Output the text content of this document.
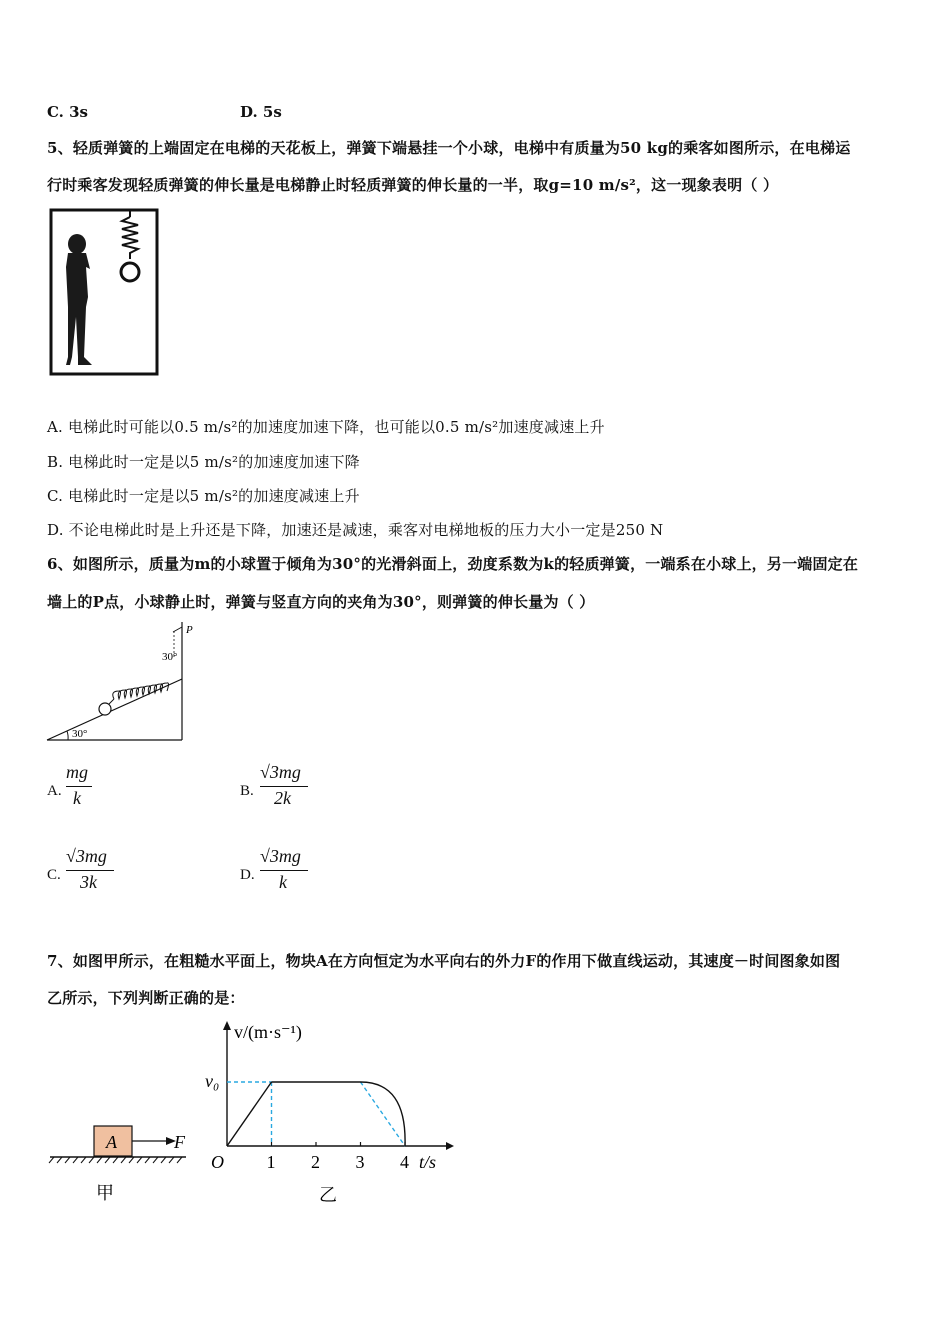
C. 3s	D. 5s
5、轻质弹簧的上端固定在电梯的天花板上，弹簧下端悬挂一个小球，电梯中有质量为50 kg的乘客如图所示，在电梯运
行时乘客发现轻质弹簧的伸长量是电梯静止时轻质弹簧的伸长量的一半，取g=10 m/s²，这一现象表明（ ）
A. 电梯此时可能以0.5 m/s²的加速度加速下降，也可能以0.5 m/s²加速度减速上升
B. 电梯此时一定是以5 m/s²的加速度加速下降
C. 电梯此时一定是以5 m/s²的加速度减速上升
D. 不论电梯此时是上升还是下降，加速还是减速，乘客对电梯地板的压力大小一定是250 N
6、如图所示，质量为m的小球置于倾角为30°的光滑斜面上，劲度系数为k的轻质弹簧，一端系在小球上，另一端固定在
墙上的P点，小球静止时，弹簧与竖直方向的夹角为30°，则弹簧的伸长量为（ ）
30°
P
30°
A.
mg
k	B.
√3mg
2k
C.
√3mg
3k	D.
√3mg
k
7、如图甲所示，在粗糙水平面上，物块A在方向恒定为水平向右的外力F的作用下做直线运动，其速度－时间图象如图
乙所示，下列判断正确的是：
A	F
甲
v/(m·s⁻¹)
t/s
O 1 2 3 4
v₀
乙
